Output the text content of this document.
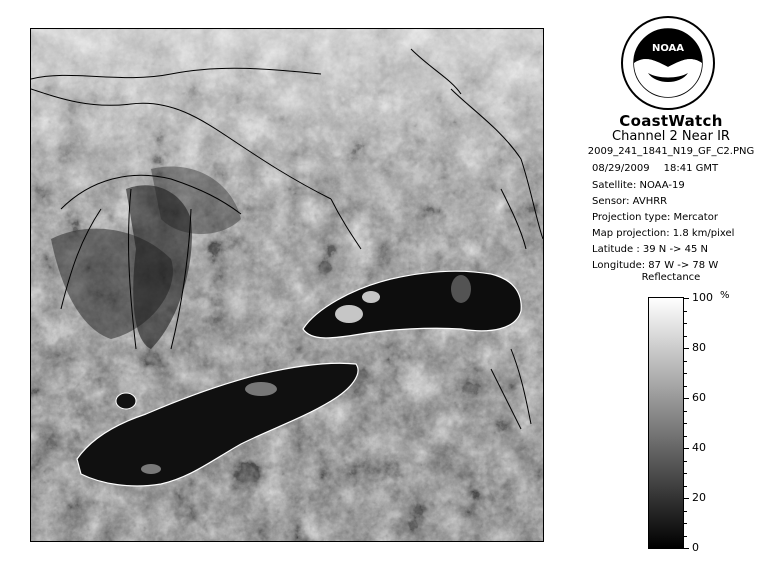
NOAA
CoastWatch
Channel 2 Near IR
2009_241_1841_N19_GF_C2.PNG
08/29/2009 18:41 GMT
Satellite: NOAA-19
Sensor: AVHRR
Projection type: Mercator
Map projection: 1.8 km/pixel
Latitude : 39 N -> 45 N
Longitude: 87 W -> 78 W
Reflectance
100
80
60
40
20
0
%
